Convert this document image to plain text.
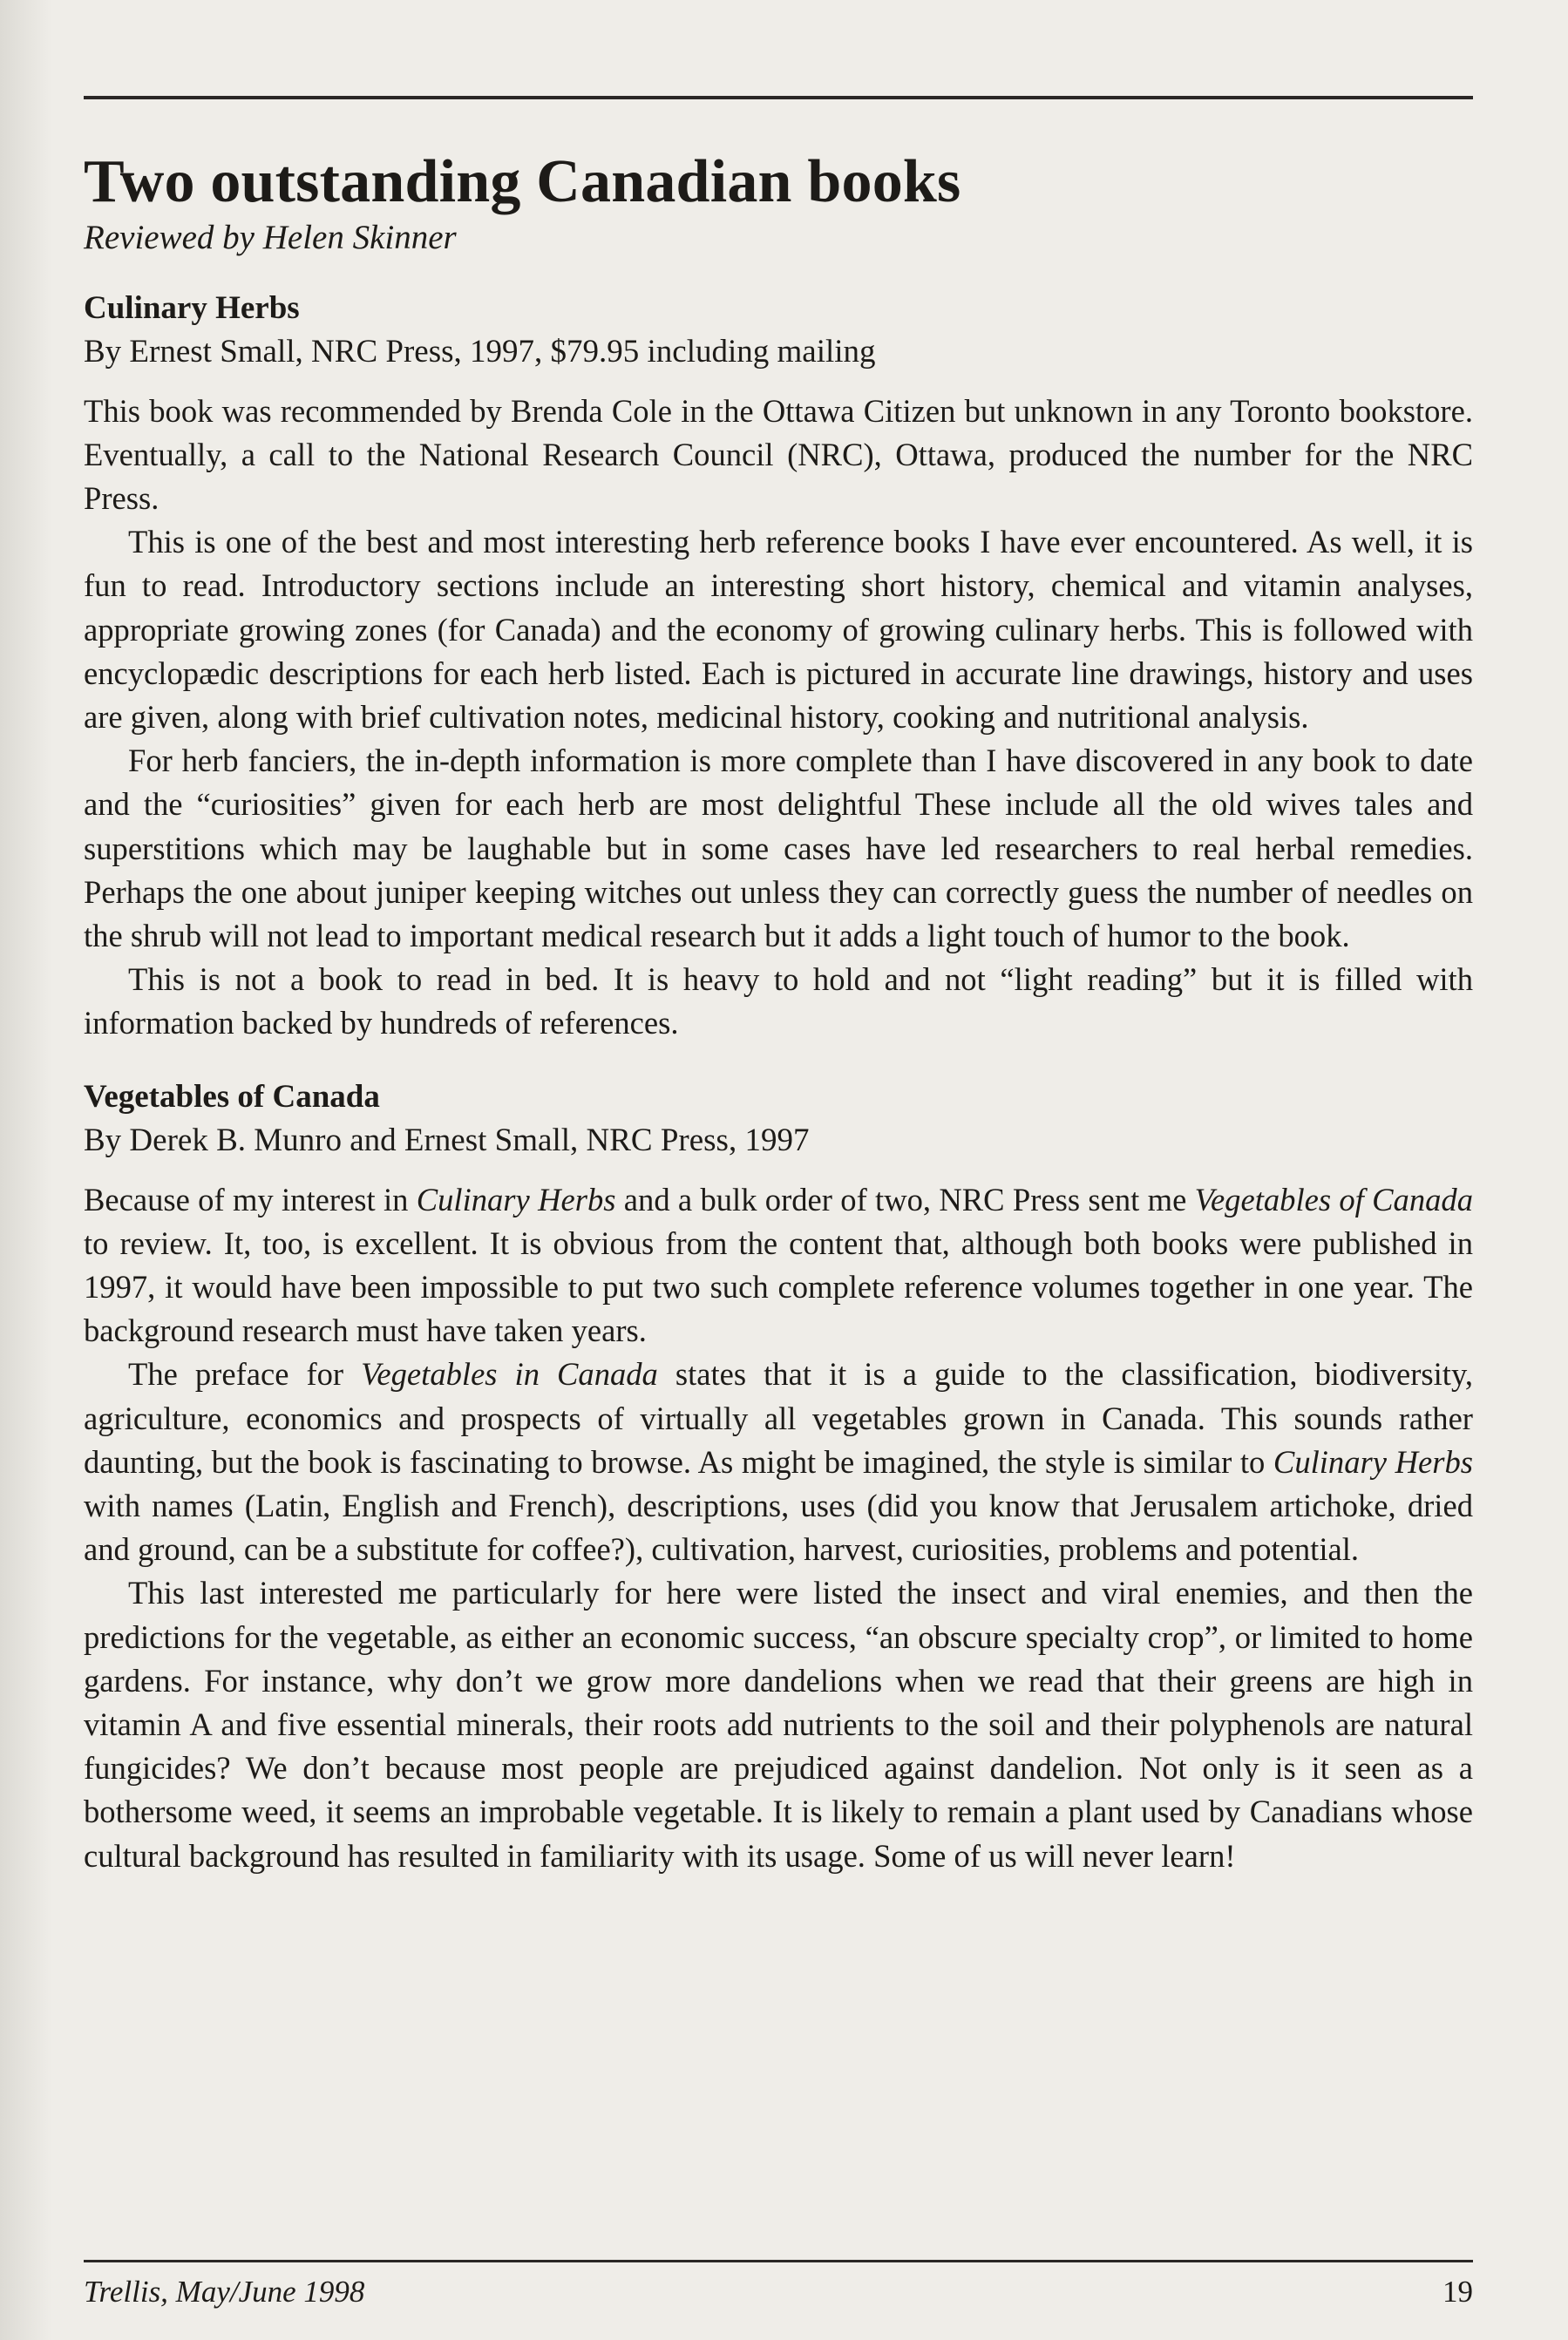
Two outstanding Canadian books
Reviewed by Helen Skinner
Culinary Herbs
By Ernest Small, NRC Press, 1997, $79.95 including mailing

This book was recommended by Brenda Cole in the Ottawa Citizen but unknown in any Toronto bookstore. Eventually, a call to the National Research Council (NRC), Ottawa, produced the number for the NRC Press.

This is one of the best and most interesting herb reference books I have ever encountered. As well, it is fun to read. Introductory sections include an interesting short history, chemical and vitamin analyses, appropriate growing zones (for Canada) and the economy of growing culinary herbs. This is followed with encyclopædic descriptions for each herb listed. Each is pictured in accurate line drawings, history and uses are given, along with brief cultivation notes, medicinal history, cooking and nutritional analysis.

For herb fanciers, the in-depth information is more complete than I have discovered in any book to date and the “curiosities” given for each herb are most delightful These include all the old wives tales and superstitions which may be laughable but in some cases have led researchers to real herbal remedies. Perhaps the one about juniper keeping witches out unless they can correctly guess the number of needles on the shrub will not lead to important medical research but it adds a light touch of humor to the book.

This is not a book to read in bed. It is heavy to hold and not “light reading” but it is filled with information backed by hundreds of references.

Vegetables of Canada
By Derek B. Munro and Ernest Small, NRC Press, 1997

Because of my interest in Culinary Herbs and a bulk order of two, NRC Press sent me Vegetables of Canada to review. It, too, is excellent. It is obvious from the content that, although both books were published in 1997, it would have been impossible to put two such complete reference volumes together in one year. The background research must have taken years.

The preface for Vegetables in Canada states that it is a guide to the classification, biodiversity, agriculture, economics and prospects of virtually all vegetables grown in Canada. This sounds rather daunting, but the book is fascinating to browse. As might be imagined, the style is similar to Culinary Herbs with names (Latin, English and French), descriptions, uses (did you know that Jerusalem artichoke, dried and ground, can be a substitute for coffee?), cultivation, harvest, curiosities, problems and potential.

This last interested me particularly for here were listed the insect and viral enemies, and then the predictions for the vegetable, as either an economic success, “an obscure specialty crop”, or limited to home gardens. For instance, why don’t we grow more dandelions when we read that their greens are high in vitamin A and five essential minerals, their roots add nutrients to the soil and their polyphenols are natural fungicides? We don’t because most people are prejudiced against dandelion. Not only is it seen as a bothersome weed, it seems an improbable vegetable. It is likely to remain a plant used by Canadians whose cultural background has resulted in familiarity with its usage. Some of us will never learn!

Trellis, May/June 1998	19
